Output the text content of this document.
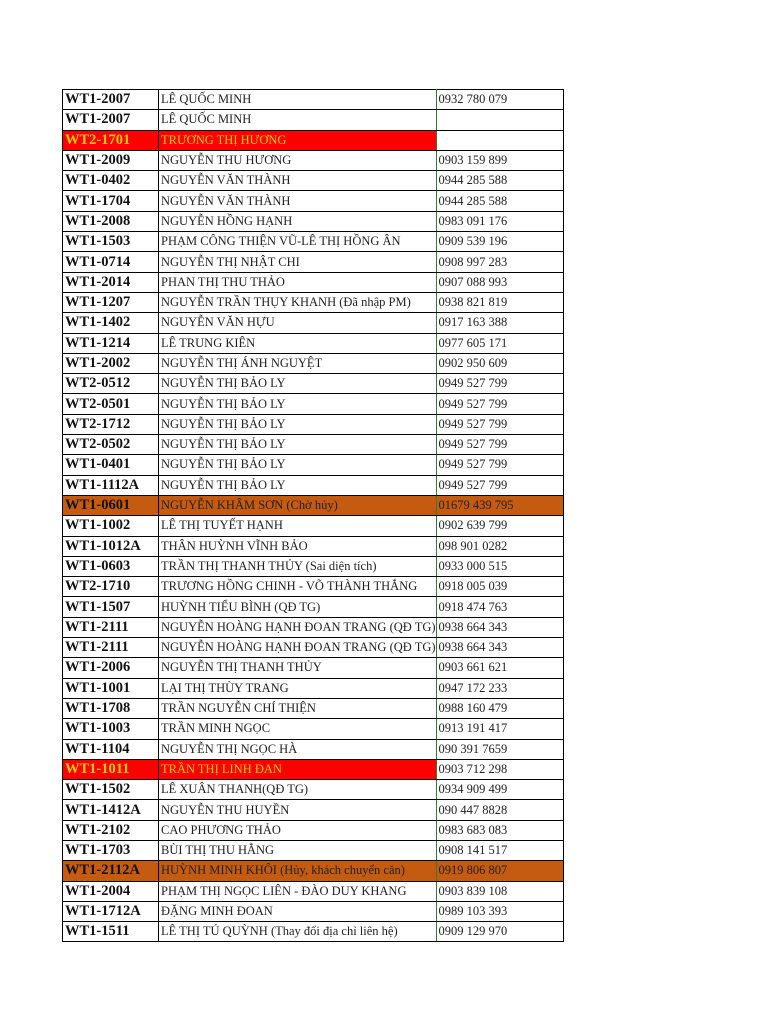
WT1-2007	LÊ QUỐC MINH	0932 780 079
WT1-2007	LÊ QUỐC MINH	
WT2-1701	TRƯƠNG THỊ HƯƠNG	
WT1-2009	NGUYỄN THU HƯƠNG	0903 159 899
WT1-0402	NGUYỄN VĂN THÀNH	0944 285 588
WT1-1704	NGUYỄN VĂN THÀNH	0944 285 588
WT1-2008	NGUYỄN HỒNG HẠNH	0983 091 176
WT1-1503	PHẠM CÔNG THIỆN VŨ-LÊ THỊ HỒNG ÂN	0909 539 196
WT1-0714	NGUYỄN THỊ NHẬT CHI	0908 997 283
WT1-2014	PHAN THỊ THU THẢO	0907 088 993
WT1-1207	NGUYỄN TRẦN THỤY KHANH (Đã nhập PM)	0938 821 819
WT1-1402	NGUYỄN VĂN HỰU	0917 163 388
WT1-1214	LÊ TRUNG KIÊN	0977 605 171
WT1-2002	NGUYỄN THỊ ÁNH NGUYỆT	0902 950 609
WT2-0512	NGUYỄN THỊ BẢO LY	0949 527 799
WT2-0501	NGUYỄN THỊ BẢO LY	0949 527 799
WT2-1712	NGUYỄN THỊ BẢO LY	0949 527 799
WT2-0502	NGUYỄN THỊ BẢO LY	0949 527 799
WT1-0401	NGUYỄN THỊ BẢO LY	0949 527 799
WT1-1112A	NGUYỄN THỊ BẢO LY	0949 527 799
WT1-0601	NGUYỄN KHÂM SƠN (Chờ hủy)	01679 439 795
WT1-1002	LÊ THỊ TUYẾT HẠNH	0902 639 799
WT1-1012A	THÂN HUỲNH VĨNH BẢO	098 901 0282
WT1-0603	TRẦN THỊ THANH THỦY (Sai diện tích)	0933 000 515
WT2-1710	TRƯƠNG HỒNG CHINH - VÕ THÀNH THẮNG	0918 005 039
WT1-1507	HUỲNH TIỂU BÌNH (QĐ TG)	0918 474 763
WT1-2111	NGUYỄN HOÀNG HẠNH ĐOAN TRANG (QĐ TG)	0938 664 343
WT1-2111	NGUYỄN HOÀNG HẠNH ĐOAN TRANG (QĐ TG)	0938 664 343
WT1-2006	NGUYỄN THỊ THANH THỦY	0903 661 621
WT1-1001	LẠI THỊ THÙY TRANG	0947 172 233
WT1-1708	TRẦN NGUYỄN CHÍ THIỆN	0988 160 479
WT1-1003	TRẦN MINH NGỌC	0913 191 417
WT1-1104	NGUYỄN THỊ NGỌC HÀ	090 391 7659
WT1-1011	TRẦN THỊ LINH ĐAN	0903 712 298
WT1-1502	LÊ XUÂN THANH(QĐ TG)	0934 909 499
WT1-1412A	NGUYỄN THU HUYỀN	090 447 8828
WT1-2102	CAO PHƯƠNG THẢO	0983 683 083
WT1-1703	BÙI THỊ THU HẰNG	0908 141 517
WT1-2112A	HUỲNH MINH KHÔI (Hủy, khách chuyển căn)	0919 806 807
WT1-2004	PHẠM THỊ NGỌC LIÊN - ĐÀO DUY KHANG	0903 839 108
WT1-1712A	ĐẶNG MINH ĐOAN	0989 103 393
WT1-1511	LÊ THỊ TÚ QUỲNH (Thay đổi địa chỉ liên hệ)	0909 129 970
